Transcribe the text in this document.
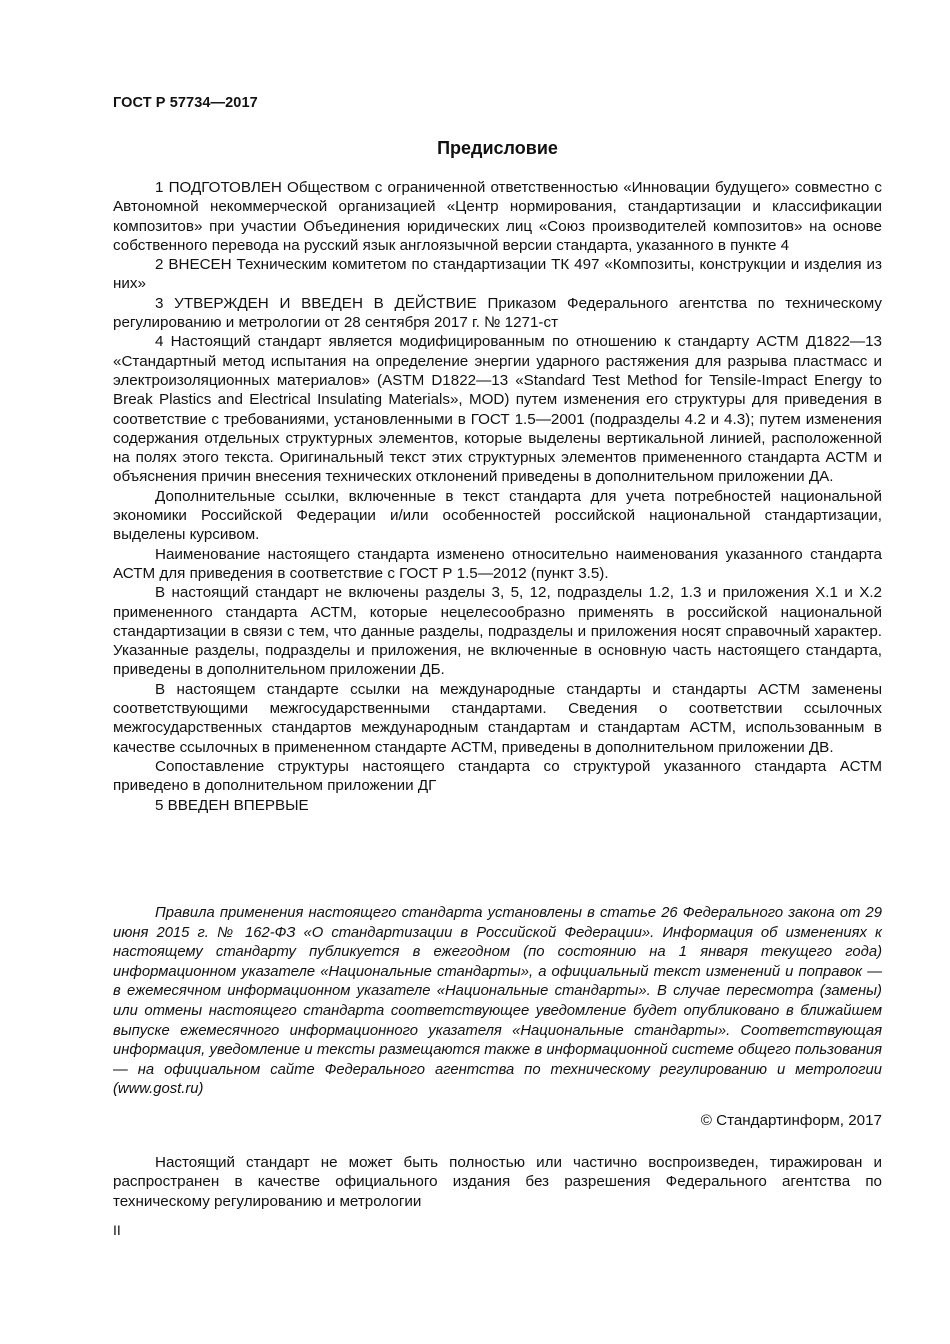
ГОСТ Р 57734—2017
Предисловие

1 ПОДГОТОВЛЕН Обществом с ограниченной ответственностью «Инновации будущего» совместно с Автономной некоммерческой организацией «Центр нормирования, стандартизации и классификации композитов» при участии Объединения юридических лиц «Союз производителей композитов» на основе собственного перевода на русский язык англоязычной версии стандарта, указанного в пункте 4

2 ВНЕСЕН Техническим комитетом по стандартизации ТК 497 «Композиты, конструкции и изделия из них»

3 УТВЕРЖДЕН И ВВЕДЕН В ДЕЙСТВИЕ Приказом Федерального агентства по техническому регулированию и метрологии от 28 сентября 2017 г. № 1271-ст

4 Настоящий стандарт является модифицированным по отношению к стандарту АСТМ Д1822—13 «Стандартный метод испытания на определение энергии ударного растяжения для разрыва пластмасс и электроизоляционных материалов» (ASTM D1822—13 «Standard Test Method for Tensile-Impact Energy to Break Plastics and Electrical Insulating Materials», MOD) путем изменения его структуры для приведения в соответствие с требованиями, установленными в ГОСТ 1.5—2001 (подразделы 4.2 и 4.3); путем изменения содержания отдельных структурных элементов, которые выделены вертикальной линией, расположенной на полях этого текста. Оригинальный текст этих структурных элементов примененного стандарта АСТМ и объяснения причин внесения технических отклонений приведены в дополнительном приложении ДА.

Дополнительные ссылки, включенные в текст стандарта для учета потребностей национальной экономики Российской Федерации и/или особенностей российской национальной стандартизации, выделены курсивом.

Наименование настоящего стандарта изменено относительно наименования указанного стандарта АСТМ для приведения в соответствие с ГОСТ Р 1.5—2012 (пункт 3.5).

В настоящий стандарт не включены разделы 3, 5, 12, подразделы 1.2, 1.3 и приложения X.1 и X.2 примененного стандарта АСТМ, которые нецелесообразно применять в российской национальной стандартизации в связи с тем, что данные разделы, подразделы и приложения носят справочный характер. Указанные разделы, подразделы и приложения, не включенные в основную часть настоящего стандарта, приведены в дополнительном приложении ДБ.

В настоящем стандарте ссылки на международные стандарты и стандарты АСТМ заменены соответствующими межгосударственными стандартами. Сведения о соответствии ссылочных межгосударственных стандартов международным стандартам и стандартам АСТМ, использованным в качестве ссылочных в примененном стандарте АСТМ, приведены в дополнительном приложении ДВ.

Сопоставление структуры настоящего стандарта со структурой указанного стандарта АСТМ приведено в дополнительном приложении ДГ

5 ВВЕДЕН ВПЕРВЫЕ

Правила применения настоящего стандарта установлены в статье 26 Федерального закона от 29 июня 2015 г. № 162-ФЗ «О стандартизации в Российской Федерации». Информация об изменениях к настоящему стандарту публикуется в ежегодном (по состоянию на 1 января текущего года) информационном указателе «Национальные стандарты», а официальный текст изменений и поправок — в ежемесячном информационном указателе «Национальные стандарты». В случае пересмотра (замены) или отмены настоящего стандарта соответствующее уведомление будет опубликовано в ближайшем выпуске ежемесячного информационного указателя «Национальные стандарты». Соответствующая информация, уведомление и тексты размещаются также в информационной системе общего пользования — на официальном сайте Федерального агентства по техническому регулированию и метрологии (www.gost.ru)

© Стандартинформ, 2017

Настоящий стандарт не может быть полностью или частично воспроизведен, тиражирован и распространен в качестве официального издания без разрешения Федерального агентства по техническому регулированию и метрологии

II
